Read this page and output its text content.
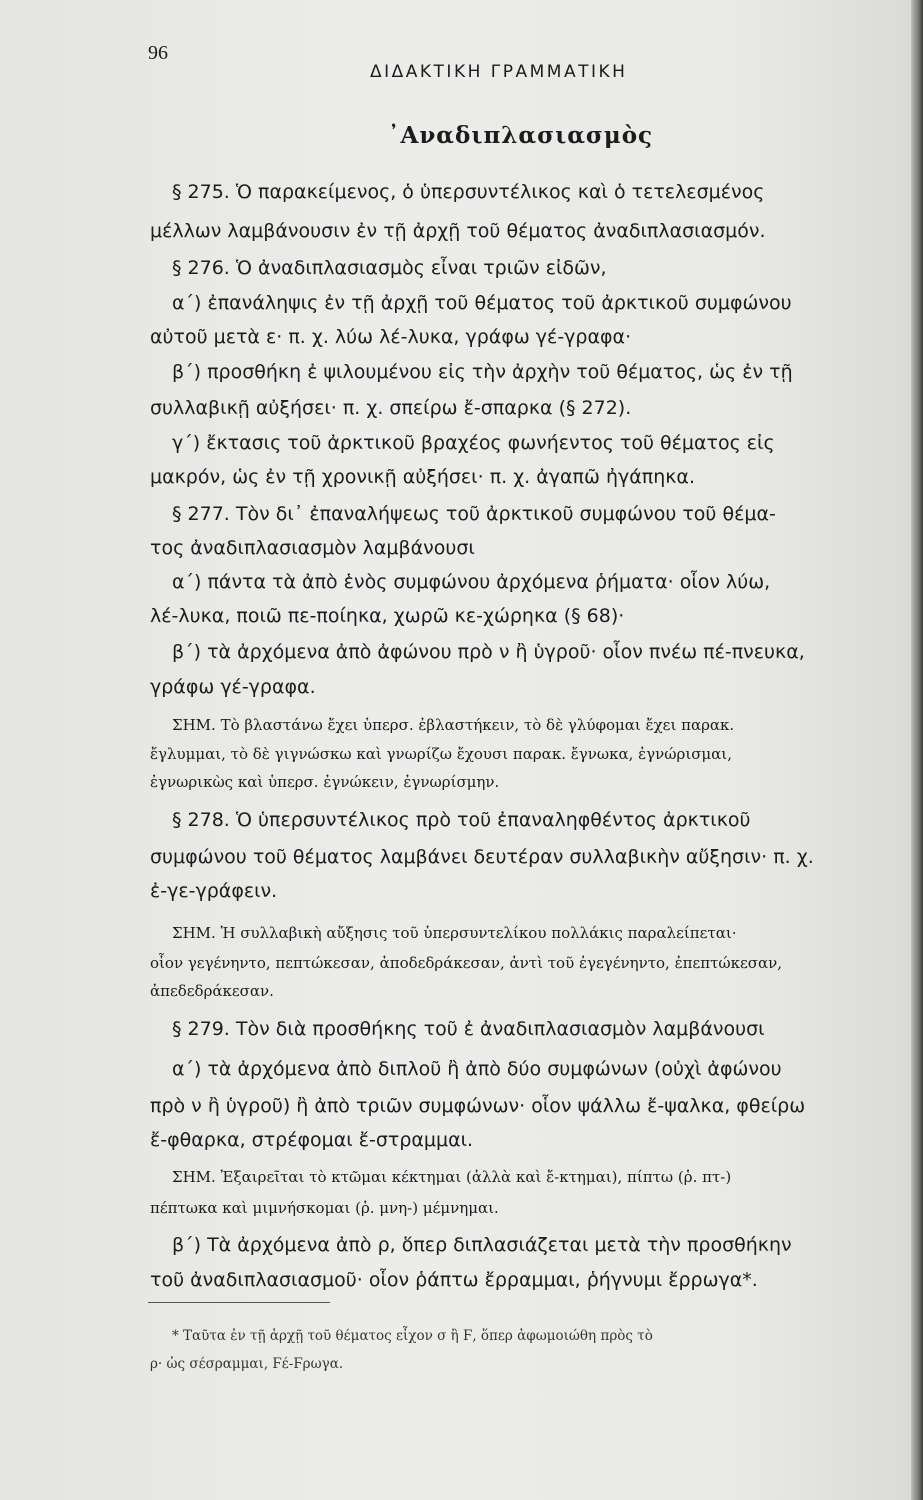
96
ΔΙΔΑΚΤΙΚΗ ΓΡΑΜΜΑΤΙΚΗ
᾿Αναδιπλασιασμὸς
§ 275. Ὁ παρακείμενος, ὁ ὑπερσυντέλικος καὶ ὁ τετελεσμένος
μέλλων λαμβάνουσιν ἐν τῇ ἀρχῇ τοῦ θέματος ἀναδιπλασιασμόν.
§ 276. Ὁ ἀναδιπλασιασμὸς εἶναι τριῶν εἰδῶν,
α΄) ἐπανάληψις ἐν τῇ ἀρχῇ τοῦ θέματος τοῦ ἀρκτικοῦ συμφώνου
αὐτοῦ μετὰ ε· π. χ. λύω λέ-λυκα, γράφω γέ-γραφα·
β΄) προσθήκη ἐ ψιλουμένου εἰς τὴν ἀρχὴν τοῦ θέματος, ὡς ἐν τῇ
συλλαβικῇ αὐξήσει· π. χ. σπείρω ἔ-σπαρκα (§ 272).
γ΄) ἔκτασις τοῦ ἀρκτικοῦ βραχέος φωνήεντος τοῦ θέματος εἰς
μακρόν, ὡς ἐν τῇ χρονικῇ αὐξήσει· π. χ. ἀγαπῶ ἠγάπηκα.
§ 277. Τὸν δι᾽ ἐπαναλήψεως τοῦ ἀρκτικοῦ συμφώνου τοῦ θέμα-
τος ἀναδιπλασιασμὸν λαμβάνουσι
α΄) πάντα τὰ ἀπὸ ἑνὸς συμφώνου ἀρχόμενα ῥήματα· οἷον λύω,
λέ-λυκα, ποιῶ πε-ποίηκα, χωρῶ κε-χώρηκα (§ 68)·
β΄) τὰ ἀρχόμενα ἀπὸ ἀφώνου πρὸ ν ἢ ὑγροῦ· οἷον πνέω πέ-πνευκα,
γράφω γέ-γραφα.
ΣΗΜ. Τὸ βλαστάνω ἔχει ὑπερσ. ἐβλαστήκειν, τὸ δὲ γλύφομαι ἔχει παρακ.
ἔγλυμμαι, τὸ δὲ γιγνώσκω καὶ γνωρίζω ἔχουσι παρακ. ἔγνωκα, ἐγνώρισμαι,
ἐγνωρικὼς καὶ ὑπερσ. ἐγνώκειν, ἐγνωρίσμην.
§ 278. Ὁ ὑπερσυντέλικος πρὸ τοῦ ἐπαναληφθέντος ἀρκτικοῦ
συμφώνου τοῦ θέματος λαμβάνει δευτέραν συλλαβικὴν αὔξησιν· π. χ.
ἐ-γε-γράφειν.
ΣΗΜ. Ἡ συλλαβικὴ αὔξησις τοῦ ὑπερσυντελίκου πολλάκις παραλείπεται·
οἷον γεγένηντο, πεπτώκεσαν, ἀποδεδράκεσαν, ἀντὶ τοῦ ἐγεγένηντο, ἐπεπτώκεσαν,
ἀπεδεδράκεσαν.
§ 279. Τὸν διὰ προσθήκης τοῦ ἐ ἀναδιπλασιασμὸν λαμβάνουσι
α΄) τὰ ἀρχόμενα ἀπὸ διπλοῦ ἢ ἀπὸ δύο συμφώνων (οὐχὶ ἀφώνου
πρὸ ν ἢ ὑγροῦ) ἢ ἀπὸ τριῶν συμφώνων· οἷον ψάλλω ἔ-ψαλκα, φθείρω
ἔ-φθαρκα, στρέφομαι ἔ-στραμμαι.
ΣΗΜ. Ἐξαιρεῖται τὸ κτῶμαι κέκτημαι (ἀλλὰ καὶ ἔ-κτημαι), πίπτω (ῥ. πτ-)
πέπτωκα καὶ μιμνήσκομαι (ῥ. μνη-) μέμνημαι.
β΄) Τὰ ἀρχόμενα ἀπὸ ρ, ὅπερ διπλασιάζεται μετὰ τὴν προσθήκην
τοῦ ἀναδιπλασιασμοῦ· οἷον ῥάπτω ἔρραμμαι, ῥήγνυμι ἔρρωγα*.
* Ταῦτα ἐν τῇ ἀρχῇ τοῦ θέματος εἶχον σ ἢ Ϝ, ὅπερ ἀφωμοιώθη πρὸς τὸ
ρ· ὡς σέσραμμαι, Ϝέ-Ϝρωγα.
